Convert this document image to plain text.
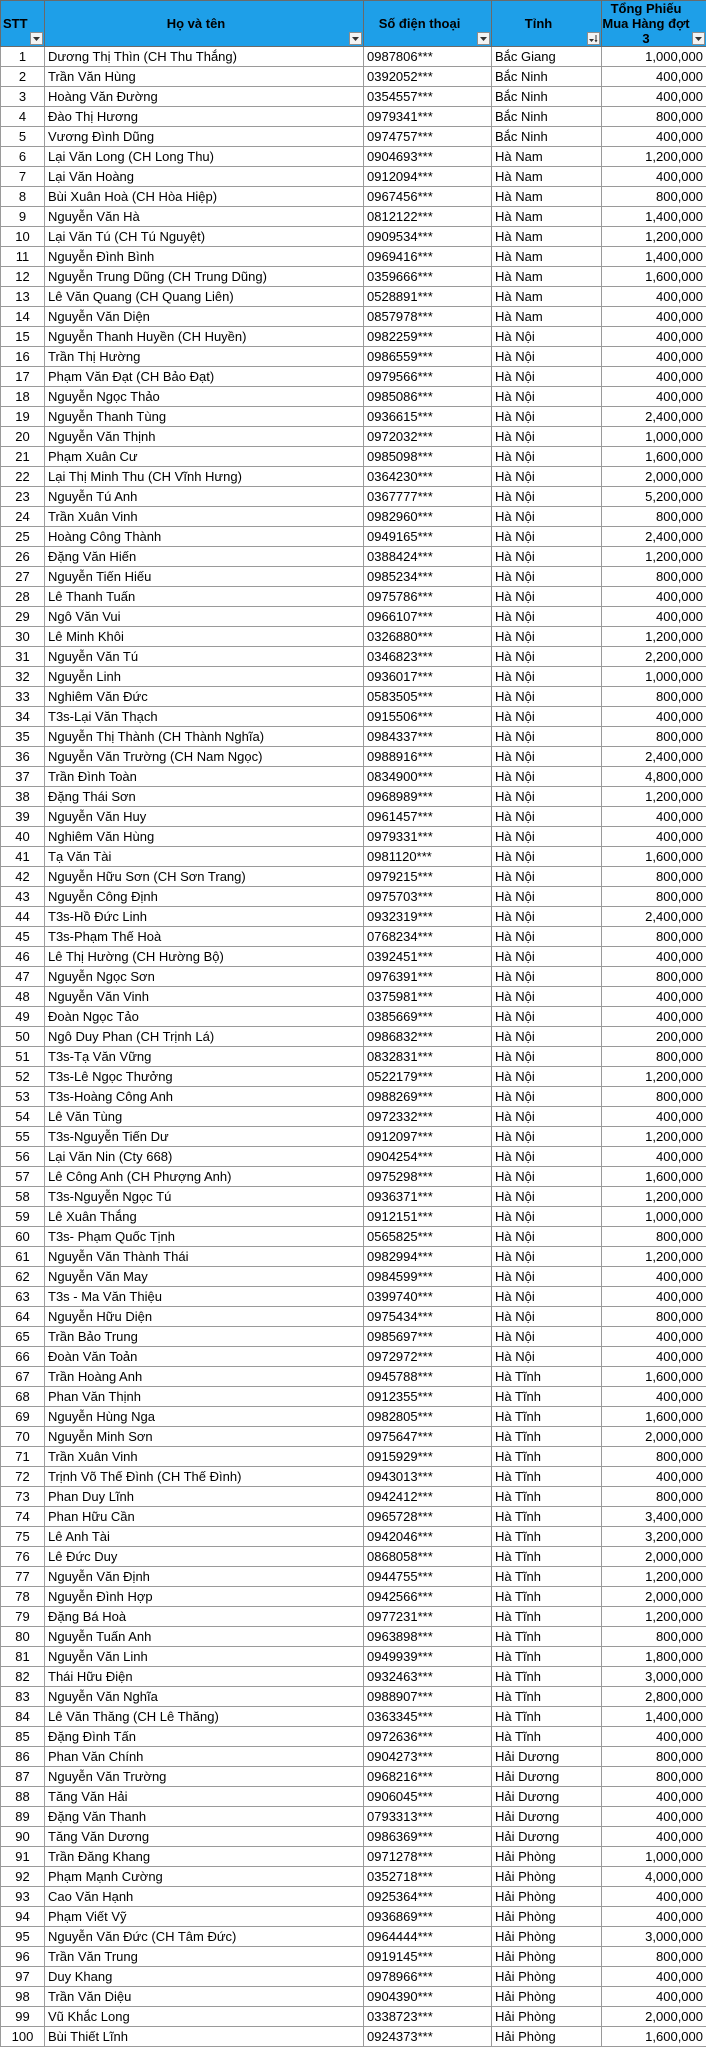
STT	Họ và tên	Số điện thoại	Tỉnh	Tổng Phiếu Mua Hàng đợt 3

1	Dương Thị Thìn (CH Thu Thắng)	0987806***	Bắc Giang	1,000,000
2	Trần Văn Hùng	0392052***	Bắc Ninh	400,000
3	Hoàng Văn Đường	0354557***	Bắc Ninh	400,000
4	Đào Thị Hương	0979341***	Bắc Ninh	800,000
5	Vương Đình Dũng	0974757***	Bắc Ninh	400,000
6	Lại Văn Long (CH Long Thu)	0904693***	Hà Nam	1,200,000
7	Lại Văn Hoàng	0912094***	Hà Nam	400,000
8	Bùi Xuân Hoà (CH Hòa Hiệp)	0967456***	Hà Nam	800,000
9	Nguyễn Văn Hà	0812122***	Hà Nam	1,400,000
10	Lại Văn Tú (CH Tú Nguyệt)	0909534***	Hà Nam	1,200,000
11	Nguyễn Đình Bình	0969416***	Hà Nam	1,400,000
12	Nguyễn Trung Dũng (CH Trung Dũng)	0359666***	Hà Nam	1,600,000
13	Lê Văn Quang (CH Quang Liên)	0528891***	Hà Nam	400,000
14	Nguyễn Văn Diện	0857978***	Hà Nam	400,000
15	Nguyễn Thanh Huyền (CH Huyền)	0982259***	Hà Nội	400,000
16	Trần Thị Hường	0986559***	Hà Nội	400,000
17	Phạm Văn Đạt (CH Bảo Đạt)	0979566***	Hà Nội	400,000
18	Nguyễn Ngọc Thảo	0985086***	Hà Nội	400,000
19	Nguyễn Thanh Tùng	0936615***	Hà Nội	2,400,000
20	Nguyễn Văn Thịnh	0972032***	Hà Nội	1,000,000
21	Phạm Xuân Cư	0985098***	Hà Nội	1,600,000
22	Lại Thị Minh Thu (CH Vĩnh Hưng)	0364230***	Hà Nội	2,000,000
23	Nguyễn Tú Anh	0367777***	Hà Nội	5,200,000
24	Trần Xuân Vinh	0982960***	Hà Nội	800,000
25	Hoàng Công Thành	0949165***	Hà Nội	2,400,000
26	Đặng Văn Hiến	0388424***	Hà Nội	1,200,000
27	Nguyễn Tiến Hiếu	0985234***	Hà Nội	800,000
28	Lê Thanh Tuấn	0975786***	Hà Nội	400,000
29	Ngô Văn Vui	0966107***	Hà Nội	400,000
30	Lê Minh Khôi	0326880***	Hà Nội	1,200,000
31	Nguyễn Văn Tú	0346823***	Hà Nội	2,200,000
32	Nguyễn Linh	0936017***	Hà Nội	1,000,000
33	Nghiêm Văn Đức	0583505***	Hà Nội	800,000
34	T3s-Lại Văn Thạch	0915506***	Hà Nội	400,000
35	Nguyễn Thị Thành (CH Thành Nghĩa)	0984337***	Hà Nội	800,000
36	Nguyễn Văn Trường (CH Nam Ngọc)	0988916***	Hà Nội	2,400,000
37	Trần Đình Toàn	0834900***	Hà Nội	4,800,000
38	Đặng Thái Sơn	0968989***	Hà Nội	1,200,000
39	Nguyễn Văn Huy	0961457***	Hà Nội	400,000
40	Nghiêm Văn Hùng	0979331***	Hà Nội	400,000
41	Tạ Văn Tài	0981120***	Hà Nội	1,600,000
42	Nguyễn Hữu Sơn (CH Sơn Trang)	0979215***	Hà Nội	800,000
43	Nguyễn Công Định	0975703***	Hà Nội	800,000
44	T3s-Hồ Đức Linh	0932319***	Hà Nội	2,400,000
45	T3s-Phạm Thế Hoà	0768234***	Hà Nội	800,000
46	Lê Thị Hường (CH Hường Bộ)	0392451***	Hà Nội	400,000
47	Nguyễn Ngọc Sơn	0976391***	Hà Nội	800,000
48	Nguyễn Văn Vinh	0375981***	Hà Nội	400,000
49	Đoàn Ngọc Tảo	0385669***	Hà Nội	400,000
50	Ngô Duy Phan (CH Trịnh Lá)	0986832***	Hà Nội	200,000
51	T3s-Tạ Văn Vững	0832831***	Hà Nội	800,000
52	T3s-Lê Ngọc Thưởng	0522179***	Hà Nội	1,200,000
53	T3s-Hoàng Công Anh	0988269***	Hà Nội	800,000
54	Lê Văn Tùng	0972332***	Hà Nội	400,000
55	T3s-Nguyễn Tiến Dư	0912097***	Hà Nội	1,200,000
56	Lại Văn Nin (Cty 668)	0904254***	Hà Nội	400,000
57	Lê Công Anh (CH Phượng Anh)	0975298***	Hà Nội	1,600,000
58	T3s-Nguyễn Ngọc Tú	0936371***	Hà Nội	1,200,000
59	Lê Xuân Thắng	0912151***	Hà Nội	1,000,000
60	T3s- Phạm Quốc Tịnh	0565825***	Hà Nội	800,000
61	Nguyễn Văn Thành Thái	0982994***	Hà Nội	1,200,000
62	Nguyễn Văn May	0984599***	Hà Nội	400,000
63	T3s - Ma Văn Thiệu	0399740***	Hà Nội	400,000
64	Nguyễn Hữu Diện	0975434***	Hà Nội	800,000
65	Trần Bảo Trung	0985697***	Hà Nội	400,000
66	Đoàn Văn Toản	0972972***	Hà Nội	400,000
67	Trần Hoàng Anh	0945788***	Hà Tĩnh	1,600,000
68	Phan Văn Thịnh	0912355***	Hà Tĩnh	400,000
69	Nguyễn Hùng Nga	0982805***	Hà Tĩnh	1,600,000
70	Nguyễn Minh Sơn	0975647***	Hà Tĩnh	2,000,000
71	Trần Xuân Vinh	0915929***	Hà Tĩnh	800,000
72	Trịnh Võ Thế Đình (CH Thế Đình)	0943013***	Hà Tĩnh	400,000
73	Phan Duy Lĩnh	0942412***	Hà Tĩnh	800,000
74	Phan Hữu Cần	0965728***	Hà Tĩnh	3,400,000
75	Lê Anh Tài	0942046***	Hà Tĩnh	3,200,000
76	Lê Đức Duy	0868058***	Hà Tĩnh	2,000,000
77	Nguyễn Văn Định	0944755***	Hà Tĩnh	1,200,000
78	Nguyễn Đình Hợp	0942566***	Hà Tĩnh	2,000,000
79	Đặng Bá Hoà	0977231***	Hà Tĩnh	1,200,000
80	Nguyễn Tuấn Anh	0963898***	Hà Tĩnh	800,000
81	Nguyễn Văn Linh	0949939***	Hà Tĩnh	1,800,000
82	Thái Hữu Điện	0932463***	Hà Tĩnh	3,000,000
83	Nguyễn Văn Nghĩa	0988907***	Hà Tĩnh	2,800,000
84	Lê Văn Thăng (CH Lê Thăng)	0363345***	Hà Tĩnh	1,400,000
85	Đặng Đình Tấn	0972636***	Hà Tĩnh	400,000
86	Phan Văn Chính	0904273***	Hải Dương	800,000
87	Nguyễn Văn Trường	0968216***	Hải Dương	800,000
88	Tăng Văn Hải	0906045***	Hải Dương	400,000
89	Đặng Văn Thanh	0793313***	Hải Dương	400,000
90	Tăng Văn Dương	0986369***	Hải Dương	400,000
91	Trần Đăng Khang	0971278***	Hải Phòng	1,000,000
92	Phạm Mạnh Cường	0352718***	Hải Phòng	4,000,000
93	Cao Văn Hạnh	0925364***	Hải Phòng	400,000
94	Phạm Viết Vỹ	0936869***	Hải Phòng	400,000
95	Nguyễn Văn Đức (CH Tâm Đức)	0964444***	Hải Phòng	3,000,000
96	Trần Văn Trung	0919145***	Hải Phòng	800,000
97	Duy Khang	0978966***	Hải Phòng	400,000
98	Trần Văn Diệu	0904390***	Hải Phòng	400,000
99	Vũ Khắc Long	0338723***	Hải Phòng	2,000,000
100	Bùi Thiết Lĩnh	0924373***	Hải Phòng	1,600,000
